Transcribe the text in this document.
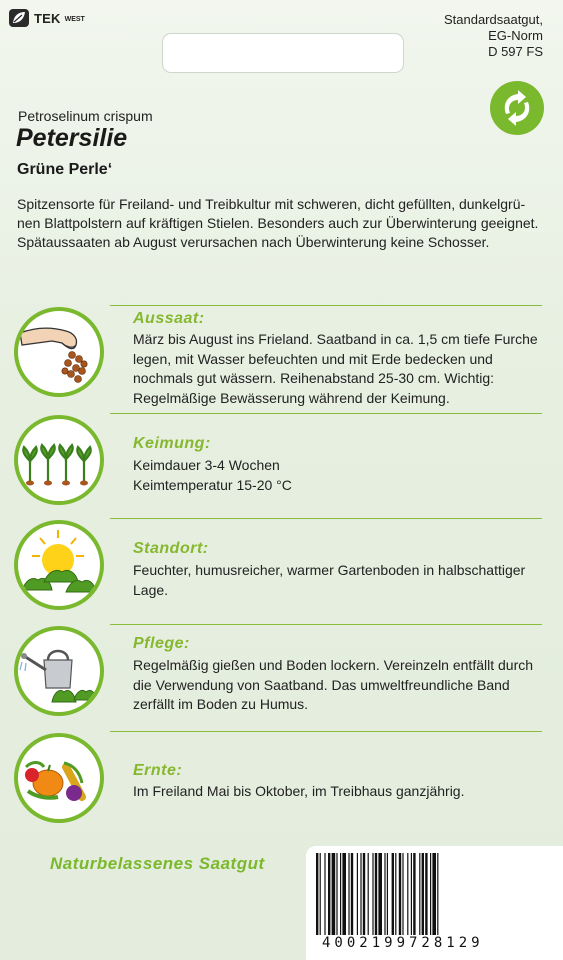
TEK WEST	Standardsaatgut,
EG-Norm
D 597 FS
Petroselinum crispum
Petersilie
Grüne Perle‘
Spitzensorte für Freiland- und Treibkultur mit schweren, dicht gefüllten, dunkelgrü-nen Blattpolstern auf kräftigen Stielen. Besonders auch zur Überwinterung geeignet. Spätaussaaten ab August verursachen nach Überwinterung keine Schosser.
Aussaat:
März bis August ins Frieland. Saatband in ca. 1,5 cm tiefe Furche legen, mit Wasser befeuchten und mit Erde bedecken und nochmals gut wässern. Reihenabstand 25-30 cm. Wichtig: Regelmäßige Bewässerung während der Keimung.
Keimung:
Keimdauer 3-4 Wochen
Keimtemperatur 15-20 °C
Standort:
Feuchter, humusreicher, warmer Gartenboden in halbschattiger Lage.
Pflege:
Regelmäßig gießen und Boden lockern. Vereinzeln entfällt durch die Verwendung von Saatband. Das umweltfreundliche Band zerfällt im Boden zu Humus.
Ernte:
Im Freiland Mai bis Oktober, im Treibhaus ganzjährig.
Naturbelassenes Saatgut
4002199728129
